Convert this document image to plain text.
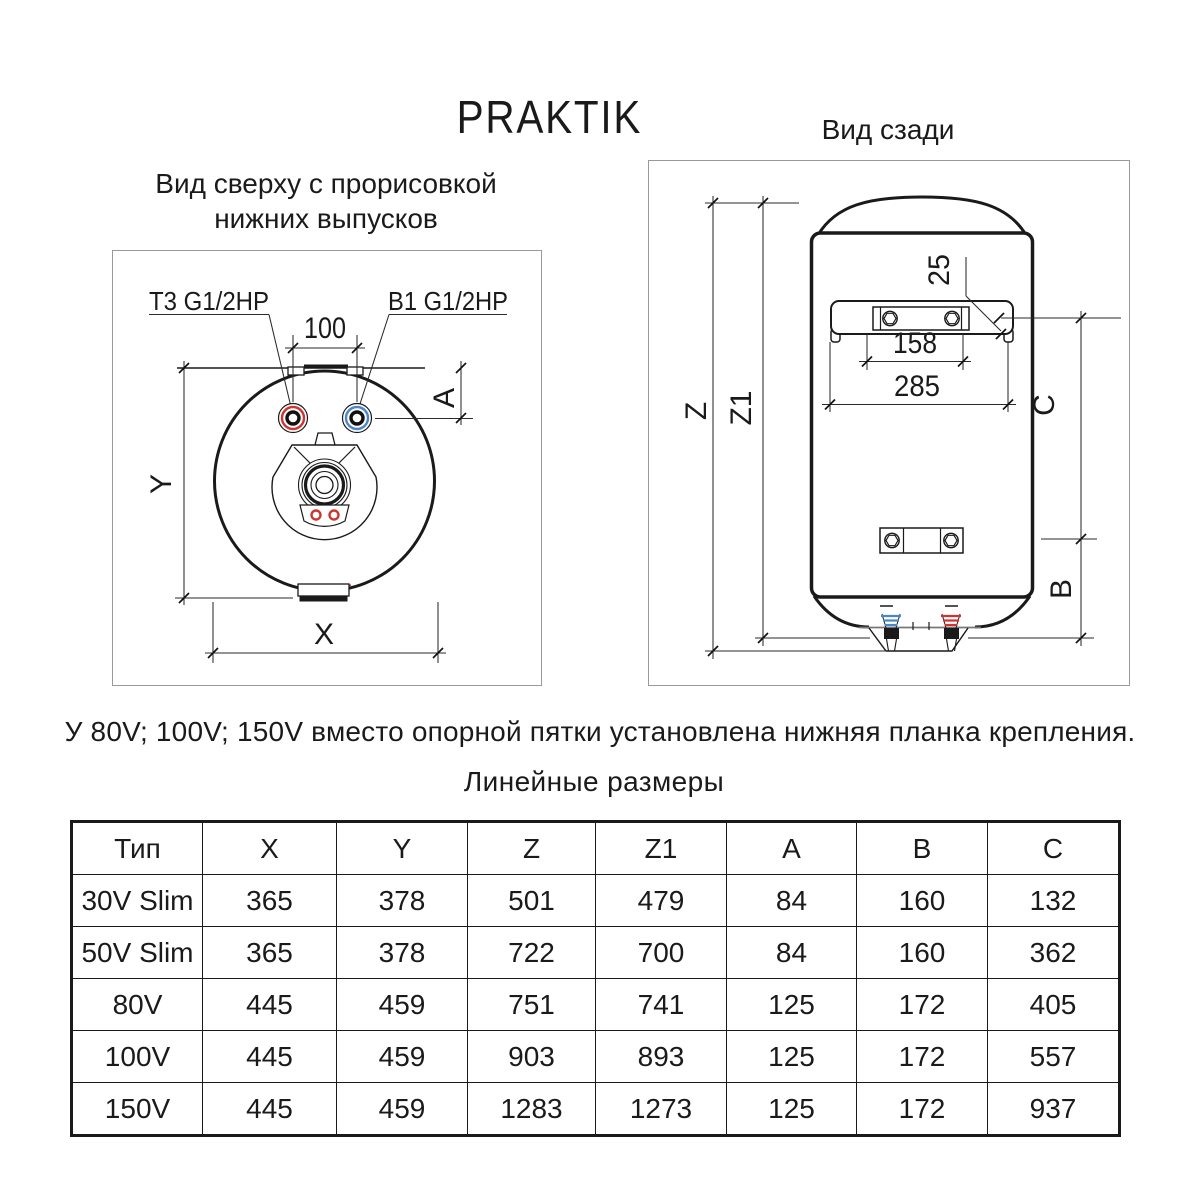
PRAKTIK	Вид сзади
Вид сверху с прорисовкой
нижних выпусков
Т3 G1/2НР	В1 G1/2НР
100
A
Y
X
Z Z1
25
158
285
C
B
У 80V; 100V; 150V вместо опорной пятки установлена нижняя планка крепления.
Линейные размеры
Тип	X	Y	Z	Z1	A	B	C
30V Slim	365	378	501	479	84	160	132
50V Slim	365	378	722	700	84	160	362
80V	445	459	751	741	125	172	405
100V	445	459	903	893	125	172	557
150V	445	459	1283	1273	125	172	937
